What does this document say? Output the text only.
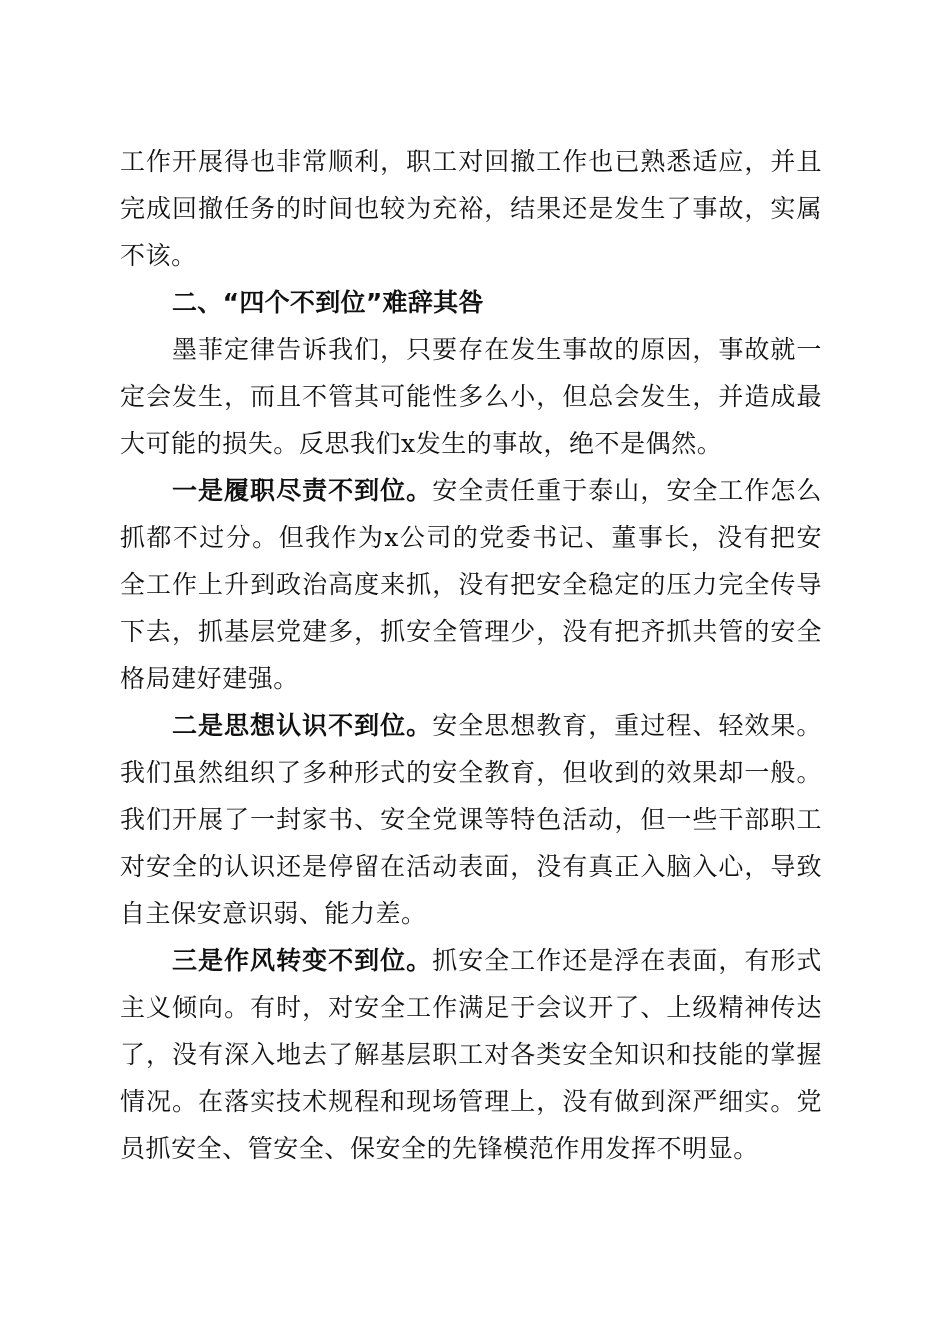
工作开展得也非常顺利，职工对回撤工作也已熟悉适应，并且完成回撤任务的时间也较为充裕，结果还是发生了事故，实属不该。

二、“四个不到位”难辞其咎

墨菲定律告诉我们，只要存在发生事故的原因，事故就一定会发生，而且不管其可能性多么小，但总会发生，并造成最大可能的损失。反思我们x发生的事故，绝不是偶然。

一是履职尽责不到位。安全责任重于泰山，安全工作怎么抓都不过分。但我作为x公司的党委书记、董事长，没有把安全工作上升到政治高度来抓，没有把安全稳定的压力完全传导下去，抓基层党建多，抓安全管理少，没有把齐抓共管的安全格局建好建强。

二是思想认识不到位。安全思想教育，重过程、轻效果。我们虽然组织了多种形式的安全教育，但收到的效果却一般。我们开展了一封家书、安全党课等特色活动，但一些干部职工对安全的认识还是停留在活动表面，没有真正入脑入心，导致自主保安意识弱、能力差。

三是作风转变不到位。抓安全工作还是浮在表面，有形式主义倾向。有时，对安全工作满足于会议开了、上级精神传达了，没有深入地去了解基层职工对各类安全知识和技能的掌握情况。在落实技术规程和现场管理上，没有做到深严细实。党员抓安全、管安全、保安全的先锋模范作用发挥不明显。
